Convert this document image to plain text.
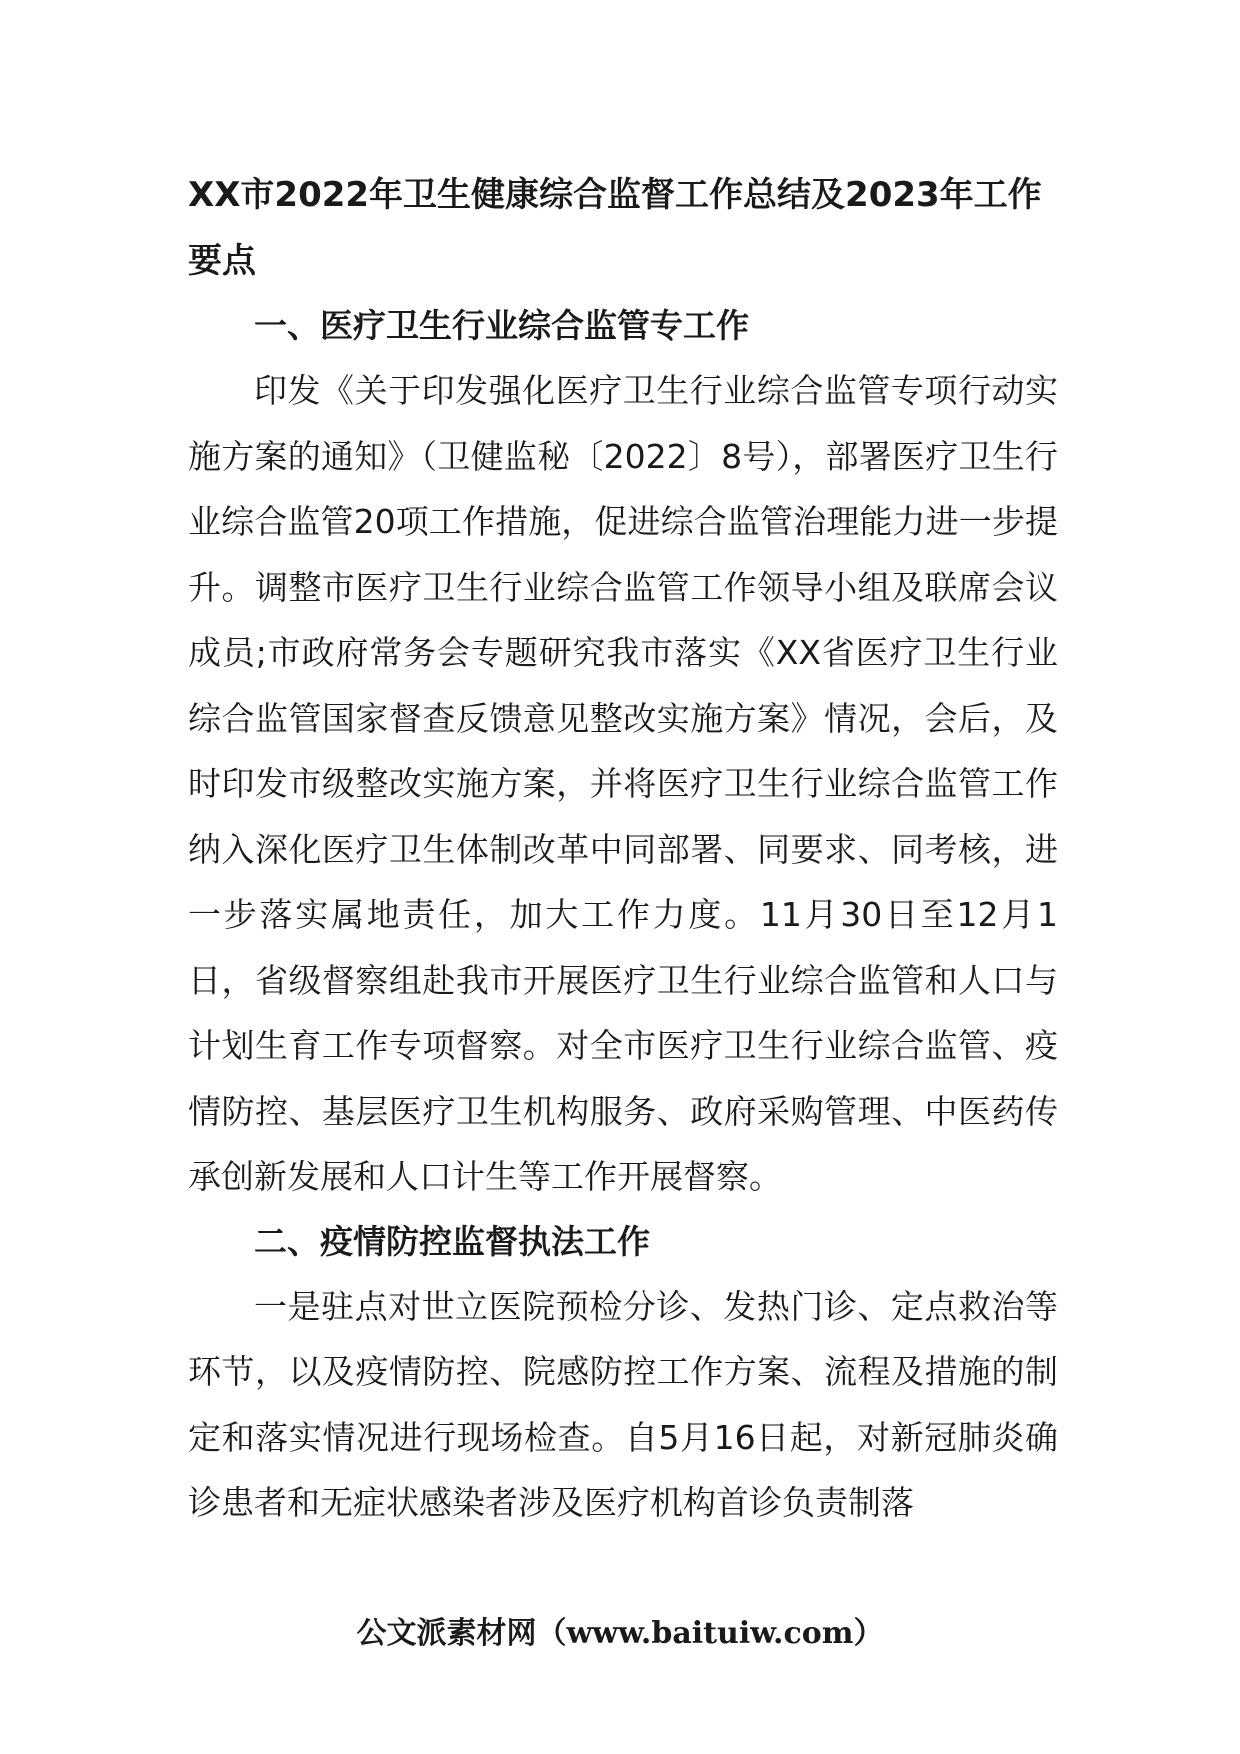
XX市2022年卫生健康综合监督工作总结及2023年工作要点
一、医疗卫生行业综合监管专工作

印发《关于印发强化医疗卫生行业综合监管专项行动实施方案的通知》（卫健监秘〔2022〕8号），部署医疗卫生行业综合监管20项工作措施，促进综合监管治理能力进一步提升。调整市医疗卫生行业综合监管工作领导小组及联席会议成员;市政府常务会专题研究我市落实《XX省医疗卫生行业综合监管国家督查反馈意见整改实施方案》情况，会后，及时印发市级整改实施方案，并将医疗卫生行业综合监管工作纳入深化医疗卫生体制改革中同部署、同要求、同考核，进一步落实属地责任，加大工作力度。11月30日至12月1日，省级督察组赴我市开展医疗卫生行业综合监管和人口与计划生育工作专项督察。对全市医疗卫生行业综合监管、疫情防控、基层医疗卫生机构服务、政府采购管理、中医药传承创新发展和人口计生等工作开展督察。

二、疫情防控监督执法工作

一是驻点对世立医院预检分诊、发热门诊、定点救治等环节，以及疫情防控、院感防控工作方案、流程及措施的制定和落实情况进行现场检查。自5月16日起，对新冠肺炎确诊患者和无症状感染者涉及医疗机构首诊负责制落

公文派素材网（www.baituiw.com）
